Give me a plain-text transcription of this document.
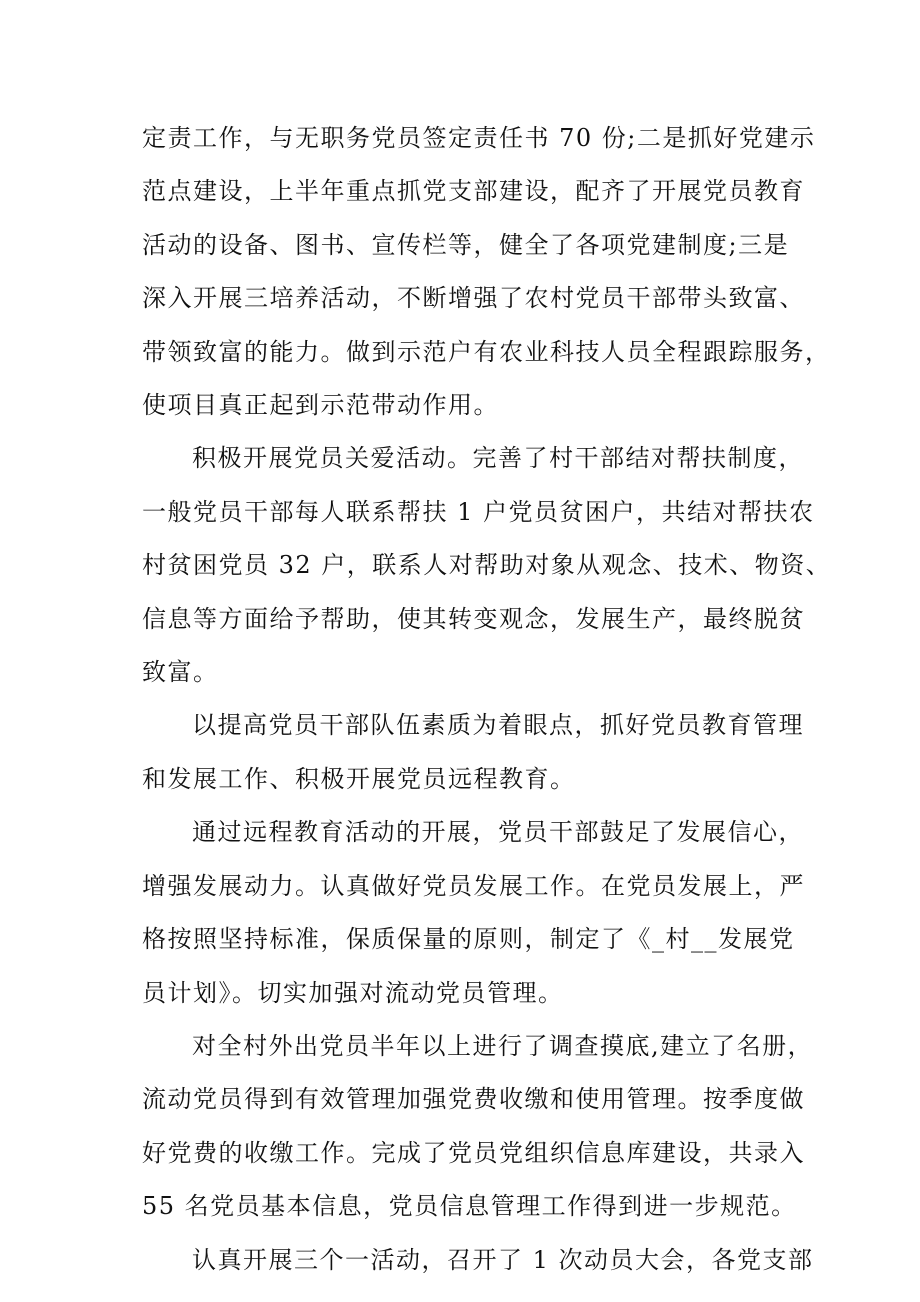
定责工作，与无职务党员签定责任书 70 份;二是抓好党建示
范点建设，上半年重点抓党支部建设，配齐了开展党员教育
活动的设备、图书、宣传栏等，健全了各项党建制度;三是
深入开展三培养活动，不断增强了农村党员干部带头致富、
带领致富的能力。做到示范户有农业科技人员全程跟踪服务，
使项目真正起到示范带动作用。

积极开展党员关爱活动。完善了村干部结对帮扶制度，
一般党员干部每人联系帮扶 1 户党员贫困户，共结对帮扶农
村贫困党员 32 户，联系人对帮助对象从观念、技术、物资、
信息等方面给予帮助，使其转变观念，发展生产，最终脱贫
致富。

以提高党员干部队伍素质为着眼点，抓好党员教育管理
和发展工作、积极开展党员远程教育。

通过远程教育活动的开展，党员干部鼓足了发展信心，
增强发展动力。认真做好党员发展工作。在党员发展上，严
格按照坚持标准，保质保量的原则，制定了《_村__发展党
员计划》。切实加强对流动党员管理。

对全村外出党员半年以上进行了调查摸底,建立了名册，
流动党员得到有效管理加强党费收缴和使用管理。按季度做
好党费的收缴工作。完成了党员党组织信息库建设，共录入
55 名党员基本信息，党员信息管理工作得到进一步规范。

认真开展三个一活动，召开了 1 次动员大会，各党支部
